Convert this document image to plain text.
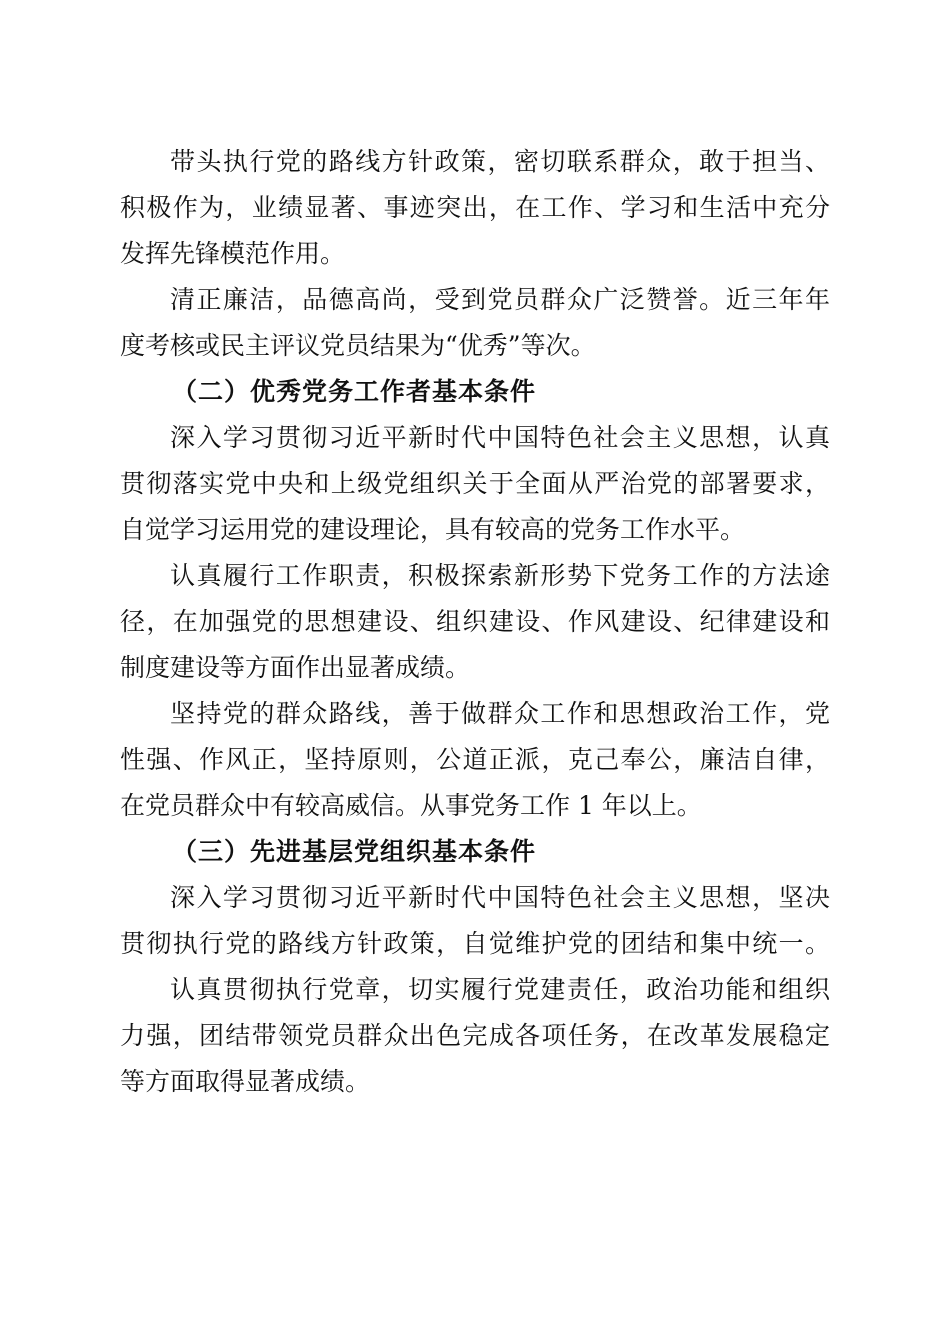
带头执行党的路线方针政策，密切联系群众，敢于担当、
积极作为，业绩显著、事迹突出，在工作、学习和生活中充分
发挥先锋模范作用。
清正廉洁，品德高尚，受到党员群众广泛赞誉。近三年年
度考核或民主评议党员结果为“优秀”等次。
（二）优秀党务工作者基本条件
深入学习贯彻习近平新时代中国特色社会主义思想，认真
贯彻落实党中央和上级党组织关于全面从严治党的部署要求，
自觉学习运用党的建设理论，具有较高的党务工作水平。
认真履行工作职责，积极探索新形势下党务工作的方法途
径，在加强党的思想建设、组织建设、作风建设、纪律建设和
制度建设等方面作出显著成绩。
坚持党的群众路线，善于做群众工作和思想政治工作，党
性强、作风正，坚持原则，公道正派，克己奉公，廉洁自律，
在党员群众中有较高威信。从事党务工作 1 年以上。
（三）先进基层党组织基本条件
深入学习贯彻习近平新时代中国特色社会主义思想，坚决
贯彻执行党的路线方针政策，自觉维护党的团结和集中统一。
认真贯彻执行党章，切实履行党建责任，政治功能和组织
力强，团结带领党员群众出色完成各项任务，在改革发展稳定
等方面取得显著成绩。
